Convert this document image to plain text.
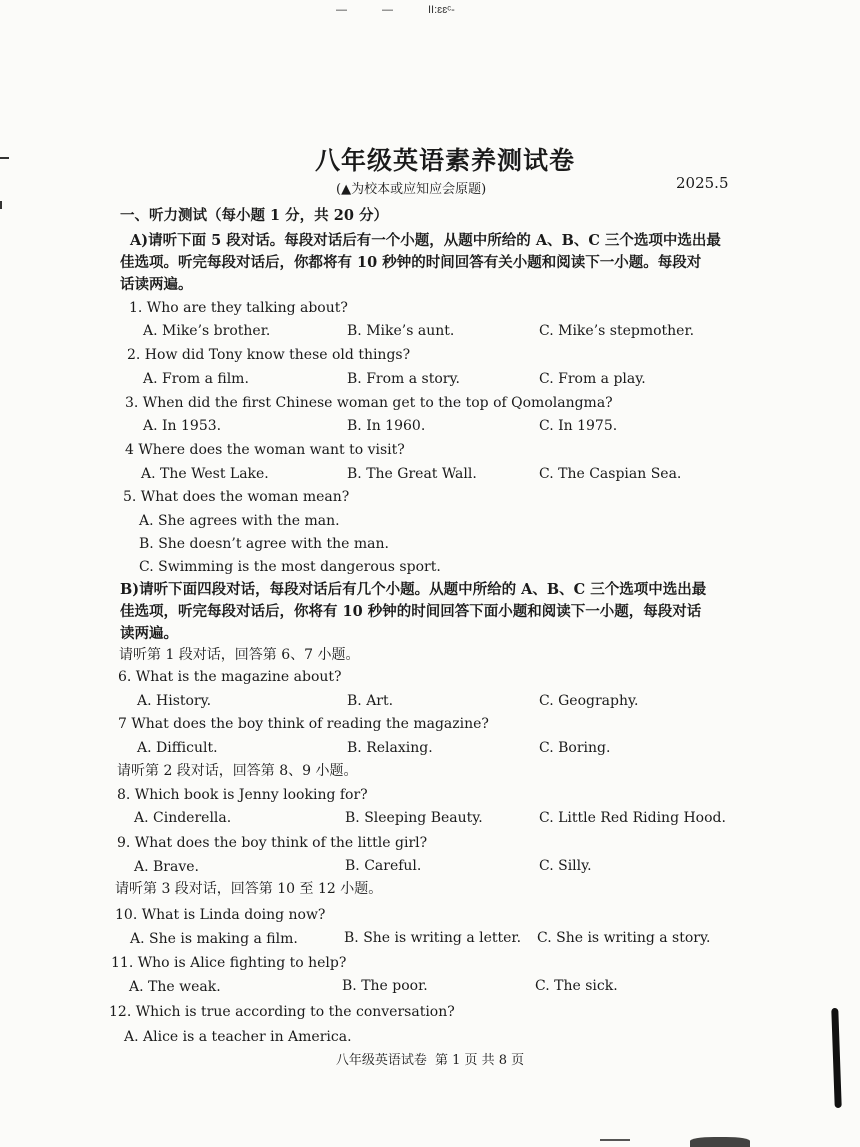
—	—	II:ɛɛᶜ-
八年级英语素养测试卷
(▲为校本或应知应会原题)	2025.5
一、听力测试（每小题 1 分，共 20 分）
A)请听下面 5 段对话。每段对话后有一个小题，从题中所给的 A、B、C 三个选项中选出最
佳选项。听完每段对话后，你都将有 10 秒钟的时间回答有关小题和阅读下一小题。每段对
话读两遍。
1. Who are they talking about?
A. Mike’s brother.	B. Mike’s aunt.	C. Mike’s stepmother.
2. How did Tony know these old things?
A. From a film.	B. From a story.	C. From a play.
3. When did the first Chinese woman get to the top of Qomolangma?
A. In 1953.	B. In 1960.	C. In 1975.
4 Where does the woman want to visit?
A. The West Lake.	B. The Great Wall.	C. The Caspian Sea.
5. What does the woman mean?
A. She agrees with the man.
B. She doesn’t agree with the man.
C. Swimming is the most dangerous sport.
B)请听下面四段对话，每段对话后有几个小题。从题中所给的 A、B、C 三个选项中选出最
佳选项，听完每段对话后，你将有 10 秒钟的时间回答下面小题和阅读下一小题，每段对话
读两遍。
请听第 1 段对话，回答第 6、7 小题。
6. What is the magazine about?
A. History.	B. Art.	C. Geography.
7 What does the boy think of reading the magazine?
A. Difficult.	B. Relaxing.	C. Boring.
请听第 2 段对话，回答第 8、9 小题。
8. Which book is Jenny looking for?
A. Cinderella.	B. Sleeping Beauty.	C. Little Red Riding Hood.
9. What does the boy think of the little girl?
A. Brave.	B. Careful.	C. Silly.
请听第 3 段对话，回答第 10 至 12 小题。
10. What is Linda doing now?
A. She is making a film.	B. She is writing a letter. C. She is writing a story.
11. Who is Alice fighting to help?
A. The weak.	B. The poor.	C. The sick.
12. Which is true according to the conversation?
A. Alice is a teacher in America.
八年级英语试卷 第 1 页 共 8 页
